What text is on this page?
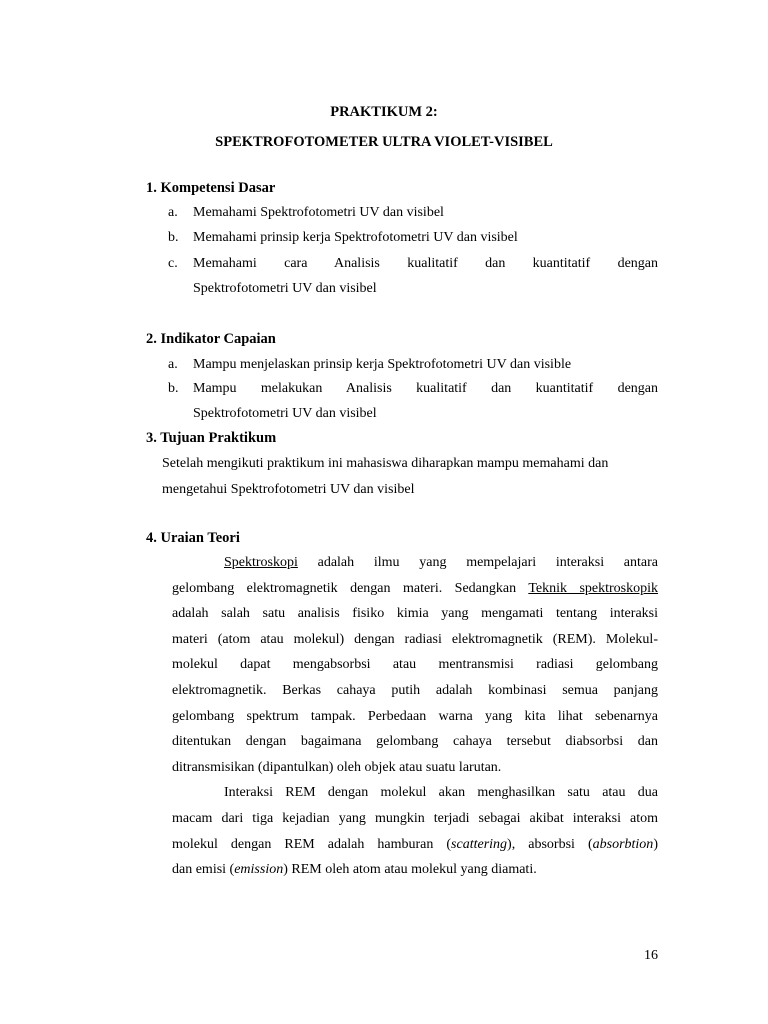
PRAKTIKUM 2:
SPEKTROFOTOMETER ULTRA VIOLET-VISIBEL
1. Kompetensi Dasar
a.	Memahami Spektrofotometri UV dan visibel
b.	Memahami prinsip kerja Spektrofotometri UV dan visibel
c.	Memahami cara Analisis kualitatif dan kuantitatif dengan
Spektrofotometri UV dan visibel
2. Indikator Capaian
a.	Mampu menjelaskan prinsip kerja Spektrofotometri UV dan visible
b.	Mampu melakukan Analisis kualitatif dan kuantitatif dengan
Spektrofotometri UV dan visibel
3. Tujuan Praktikum
Setelah mengikuti praktikum ini mahasiswa diharapkan mampu memahami dan
mengetahui Spektrofotometri UV dan visibel
4. Uraian Teori
Spektroskopi adalah ilmu yang mempelajari interaksi antara
gelombang elektromagnetik dengan materi. Sedangkan Teknik spektroskopik
adalah salah satu analisis fisiko kimia yang mengamati tentang interaksi
materi (atom atau molekul) dengan radiasi elektromagnetik (REM). Molekul-
molekul dapat mengabsorbsi atau mentransmisi radiasi gelombang
elektromagnetik. Berkas cahaya putih adalah kombinasi semua panjang
gelombang spektrum tampak. Perbedaan warna yang kita lihat sebenarnya
ditentukan dengan bagaimana gelombang cahaya tersebut diabsorbsi dan
ditransmisikan (dipantulkan) oleh objek atau suatu larutan.
Interaksi REM dengan molekul akan menghasilkan satu atau dua
macam dari tiga kejadian yang mungkin terjadi sebagai akibat interaksi atom
molekul dengan REM adalah hamburan (scattering), absorbsi (absorbtion)
dan emisi (emission) REM oleh atom atau molekul yang diamati.
16
